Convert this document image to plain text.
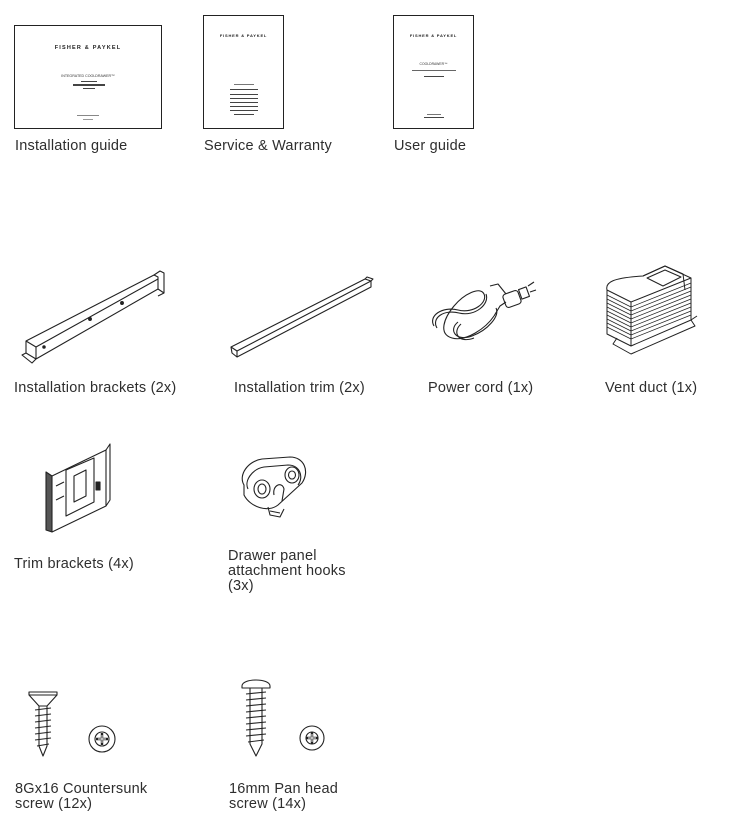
FISHER & PAYKEL
INTEGRATED COOLDRAWER™
Installation guide
FISHER & PAYKEL
Service & Warranty
FISHER & PAYKEL
COOLDRAWER™
User guide
Installation brackets (2x)	Installation trim (2x)	Power cord (1x)	Vent duct (1x)
Trim brackets (4x)	Drawer panel attachment hooks (3x)
8Gx16 Countersunk screw (12x)
16mm Pan head screw (14x)
